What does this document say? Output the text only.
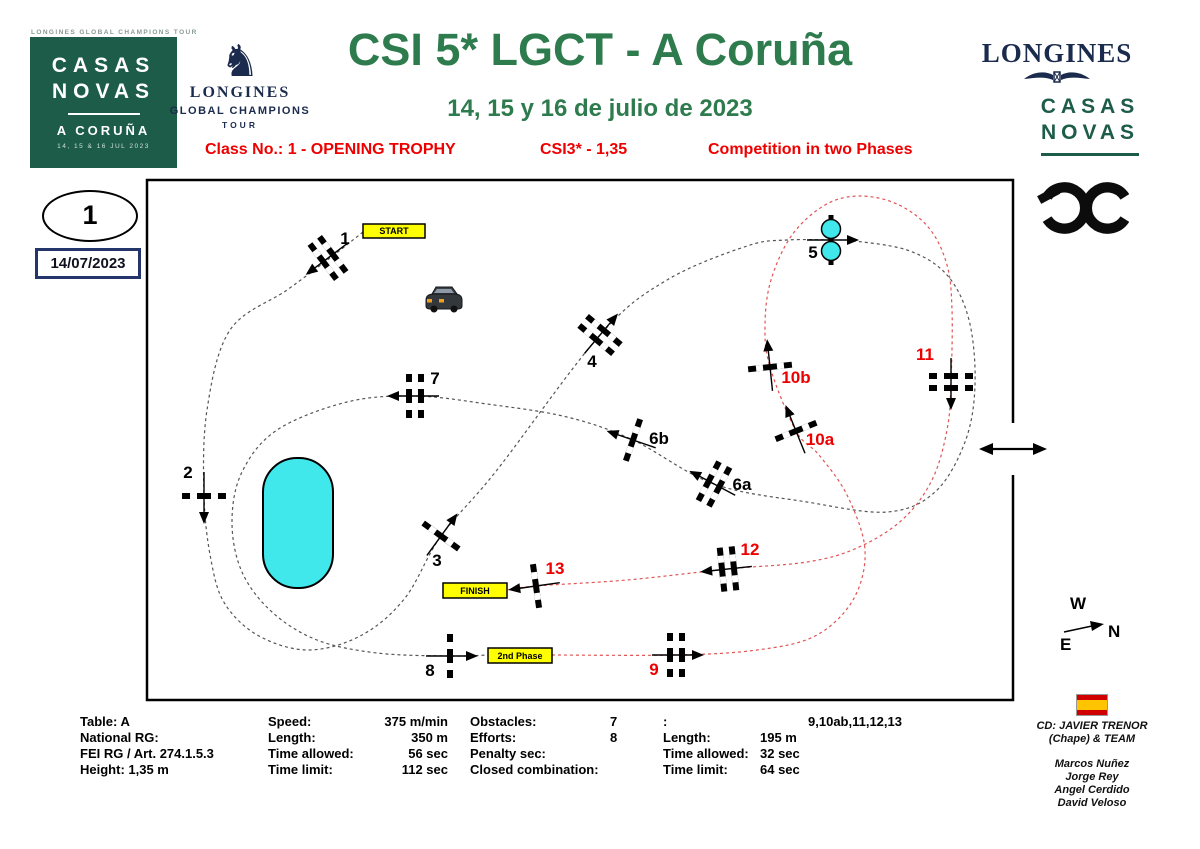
LONGINES GLOBAL CHAMPIONS TOUR
CASAS
NOVAS
A CORUÑA
14, 15 & 16 JUL 2023
♞
LONGINES
GLOBAL CHAMPIONS
TOUR
CSI 5* LGCT - A Coruña
14, 15 y 16 de julio de 2023
Class No.: 1 - OPENING TROPHY	CSI3* - 1,35	Competition in two Phases
LONGINES
CASAS
NOVAS
1
14/07/2023
START
FINISH
2nd Phase
1
2
3
4
5
6a
6b
7
8	9
10a
10b
11
12
13
W
N
E
Table: A
National RG:
FEI RG / Art. 274.1.5.3
Height: 1,35 m
Speed:	375 m/min
Length:	350 m
Time allowed:	56 sec
Time limit:	112 sec
Obstacles:	7
Efforts:	8
Penalty sec:
Closed combination:
:	9,10ab,11,12,13
Length:	195 m
Time allowed: 32 sec
Time limit: 64 sec
CD: JAVIER TRENOR
(Chape) & TEAM
Marcos Nuñez
Jorge Rey
Angel Cerdido
David Veloso
